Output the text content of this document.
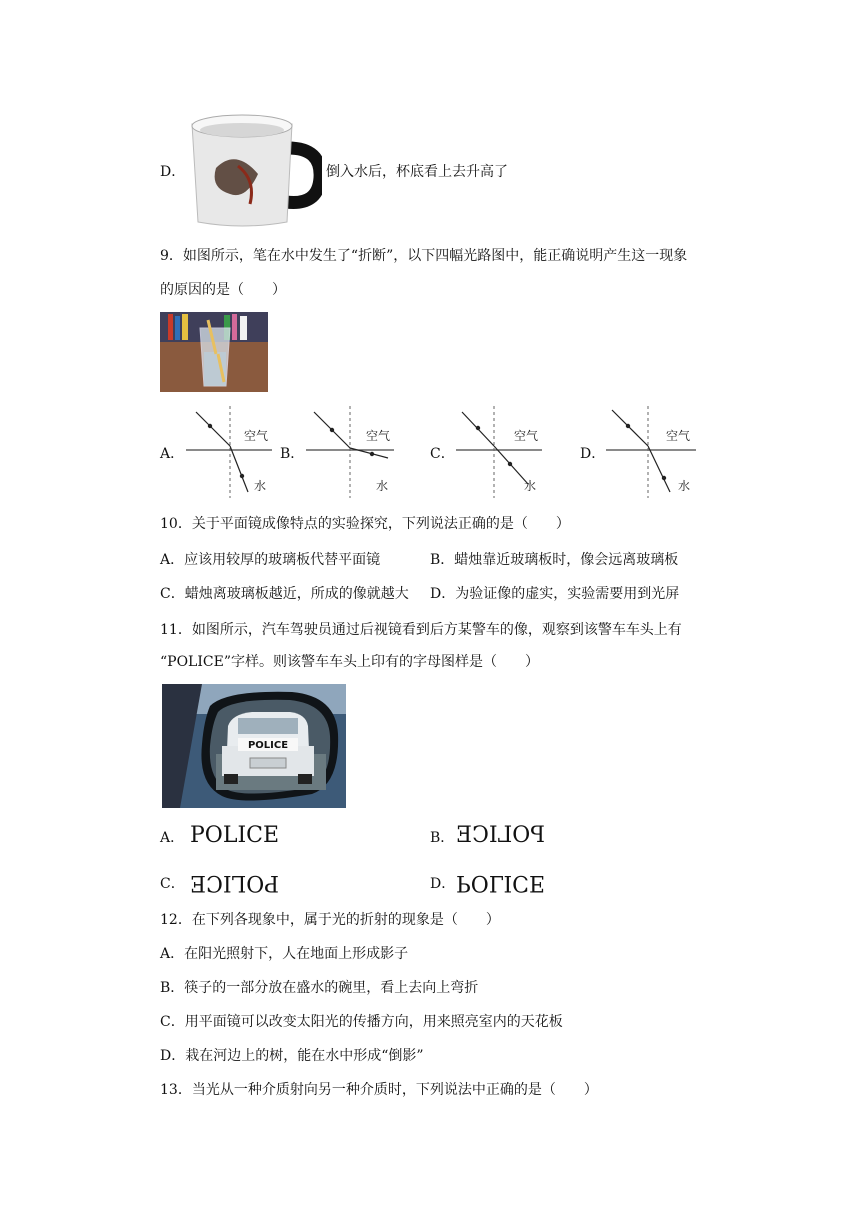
D．	倒入水后，杯底看上去升高了
9．如图所示，笔在水中发生了“折断”，以下四幅光路图中，能正确说明产生这一现象
的原因的是（　　）
A．
空气
水
B．
空气
水
C．
空气
水
D．
空气
水
10．关于平面镜成像特点的实验探究，下列说法正确的是（　　）
A．应该用较厚的玻璃板代替平面镜	B．蜡烛靠近玻璃板时，像会远离玻璃板
C．蜡烛离玻璃板越近，所成的像就越大 D．为验证像的虚实，实验需要用到光屏
11．如图所示，汽车驾驶员通过后视镜看到后方某警车的像，观察到该警车车头上有
“POLICE”字样。则该警车车头上印有的字母图样是（　　）
POLICE
A． POLICE	B． POLICE
C． POLICE	D． POLICE
12．在下列各现象中，属于光的折射的现象是（　　）
A．在阳光照射下，人在地面上形成影子
B．筷子的一部分放在盛水的碗里，看上去向上弯折
C．用平面镜可以改变太阳光的传播方向，用来照亮室内的天花板
D．栽在河边上的树，能在水中形成“倒影”
13．当光从一种介质射向另一种介质时，下列说法中正确的是（　　）
